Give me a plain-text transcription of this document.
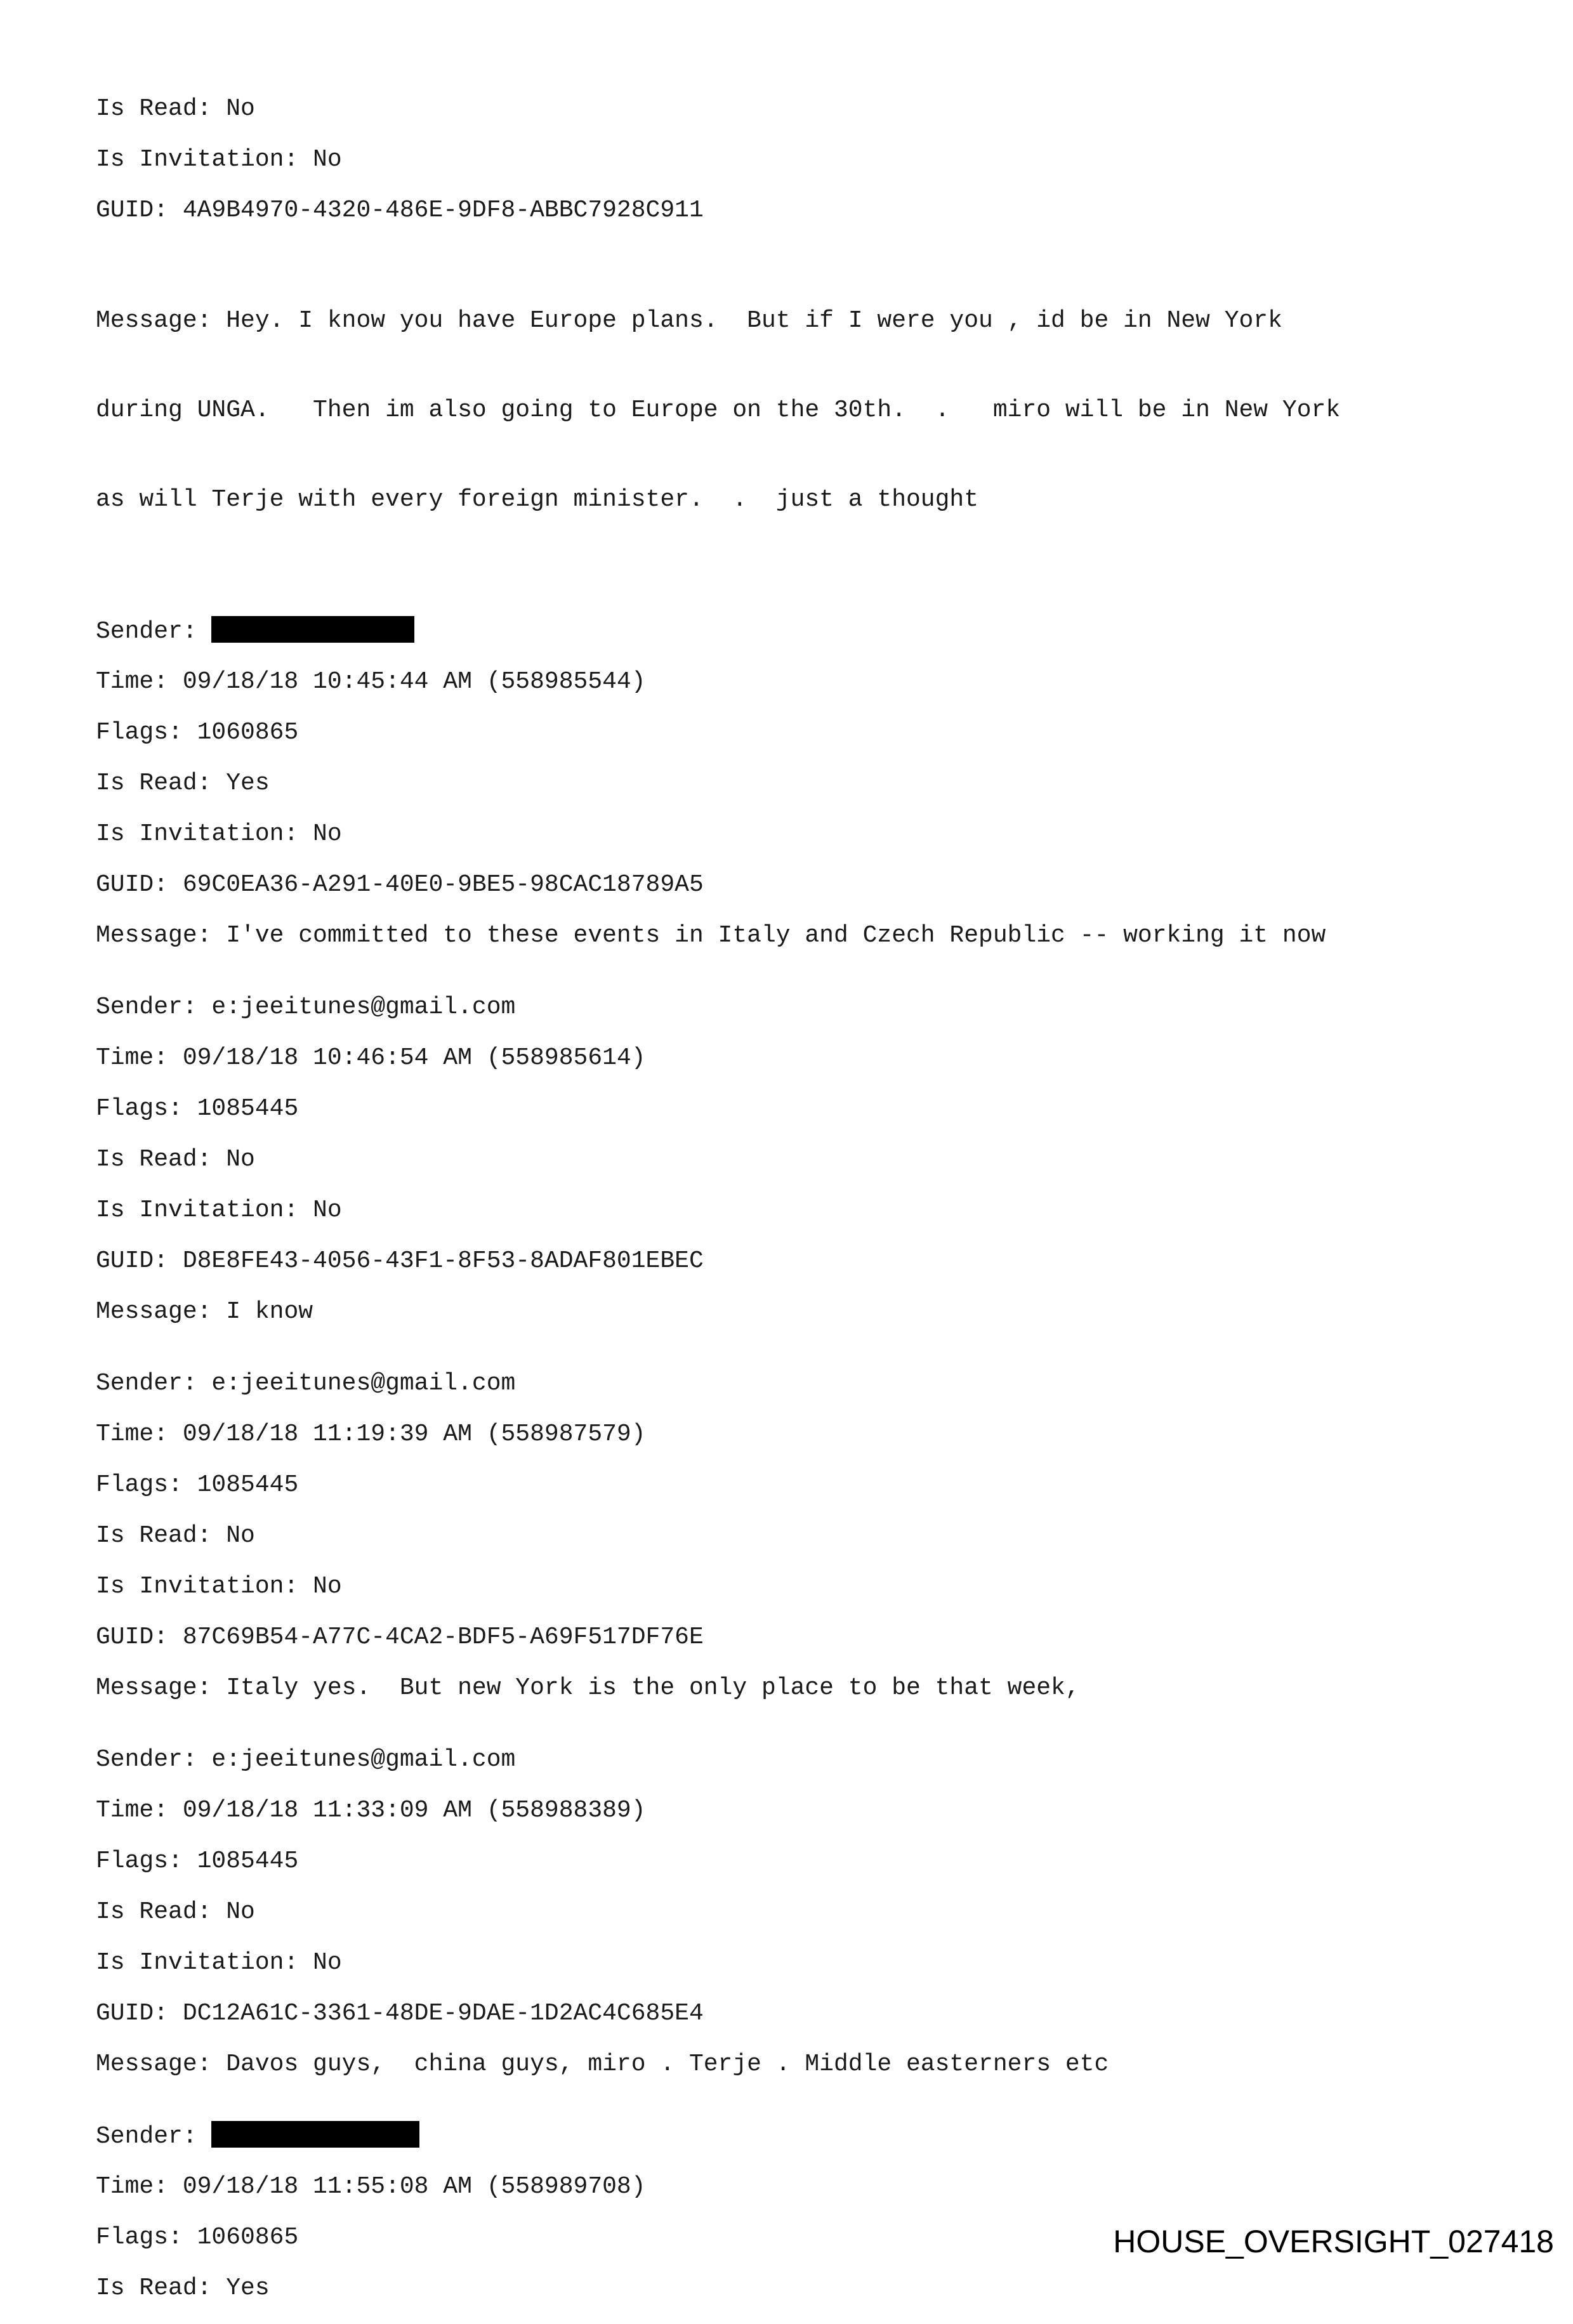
Is Read: No
Is Invitation: No
GUID: 4A9B4970-4320-486E-9DF8-ABBC7928C911

Message: Hey. I know you have Europe plans.  But if I were you , id be in New York

during UNGA.   Then im also going to Europe on the 30th.  .   miro will be in New York

as will Terje with every foreign minister.  .  just a thought

Sender:
Time: 09/18/18 10:45:44 AM (558985544)
Flags: 1060865
Is Read: Yes
Is Invitation: No
GUID: 69C0EA36-A291-40E0-9BE5-98CAC18789A5
Message: I've committed to these events in Italy and Czech Republic -- working it now
Sender: e:jeeitunes@gmail.com
Time: 09/18/18 10:46:54 AM (558985614)
Flags: 1085445
Is Read: No
Is Invitation: No
GUID: D8E8FE43-4056-43F1-8F53-8ADAF801EBEC
Message: I know
Sender: e:jeeitunes@gmail.com
Time: 09/18/18 11:19:39 AM (558987579)
Flags: 1085445
Is Read: No
Is Invitation: No
GUID: 87C69B54-A77C-4CA2-BDF5-A69F517DF76E
Message: Italy yes.  But new York is the only place to be that week,
Sender: e:jeeitunes@gmail.com
Time: 09/18/18 11:33:09 AM (558988389)
Flags: 1085445
Is Read: No
Is Invitation: No
GUID: DC12A61C-3361-48DE-9DAE-1D2AC4C685E4
Message: Davos guys,  china guys, miro . Terje . Middle easterners etc
Sender:
Time: 09/18/18 11:55:08 AM (558989708)
Flags: 1060865
Is Read: Yes
HOUSE_OVERSIGHT_027418
